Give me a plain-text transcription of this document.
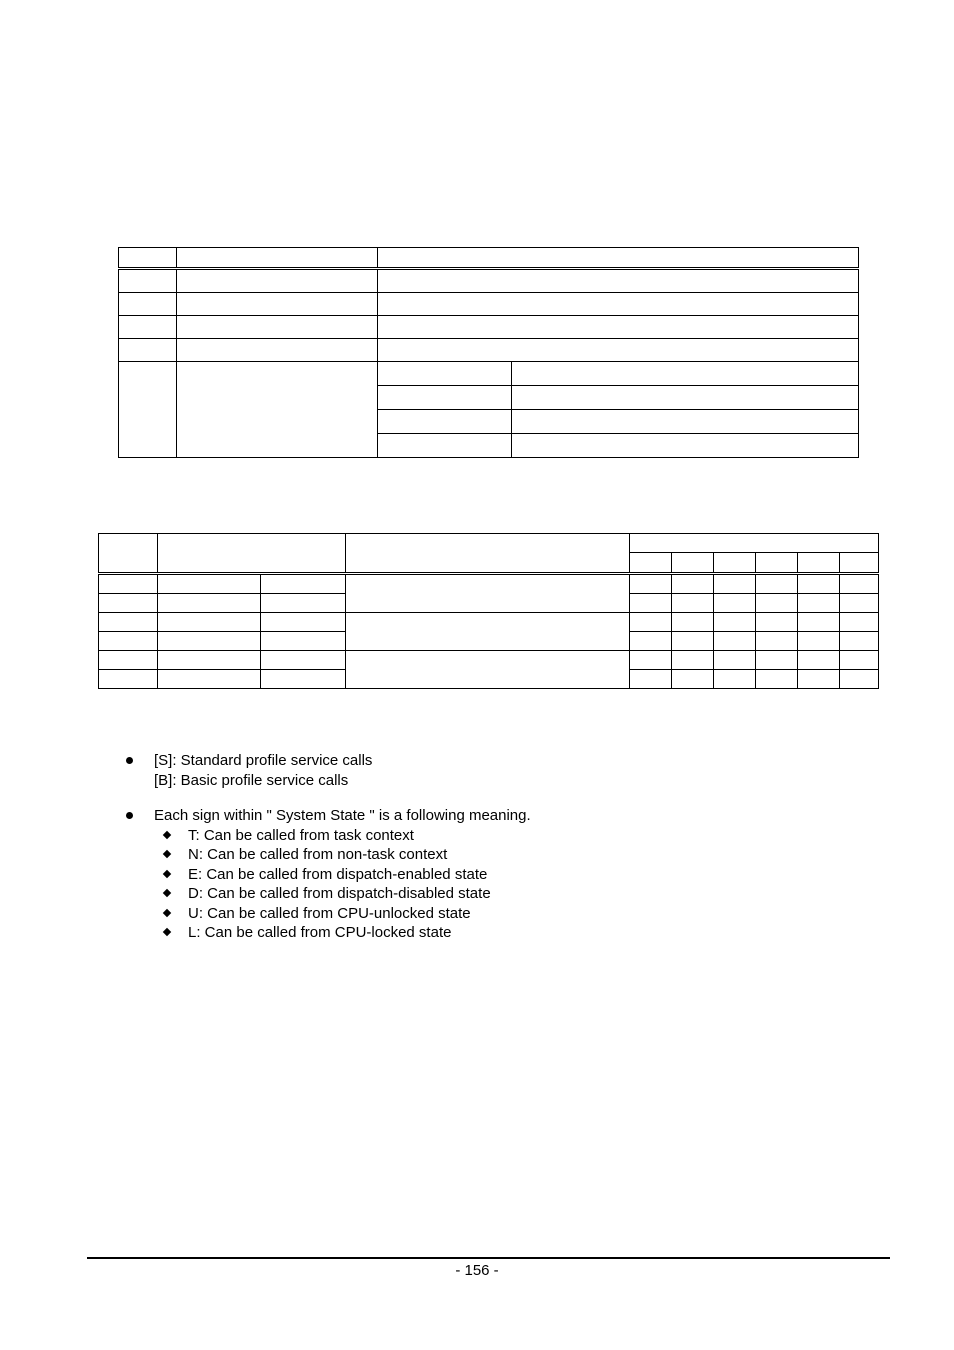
[S]: Standard profile service calls
[B]: Basic profile service calls
Each sign within " System State " is a following meaning.
T: Can be called from task context
N: Can be called from non-task context
E: Can be called from dispatch-enabled state
D: Can be called from dispatch-disabled state
U: Can be called from CPU-unlocked state
L: Can be called from CPU-locked state
- 156 -
